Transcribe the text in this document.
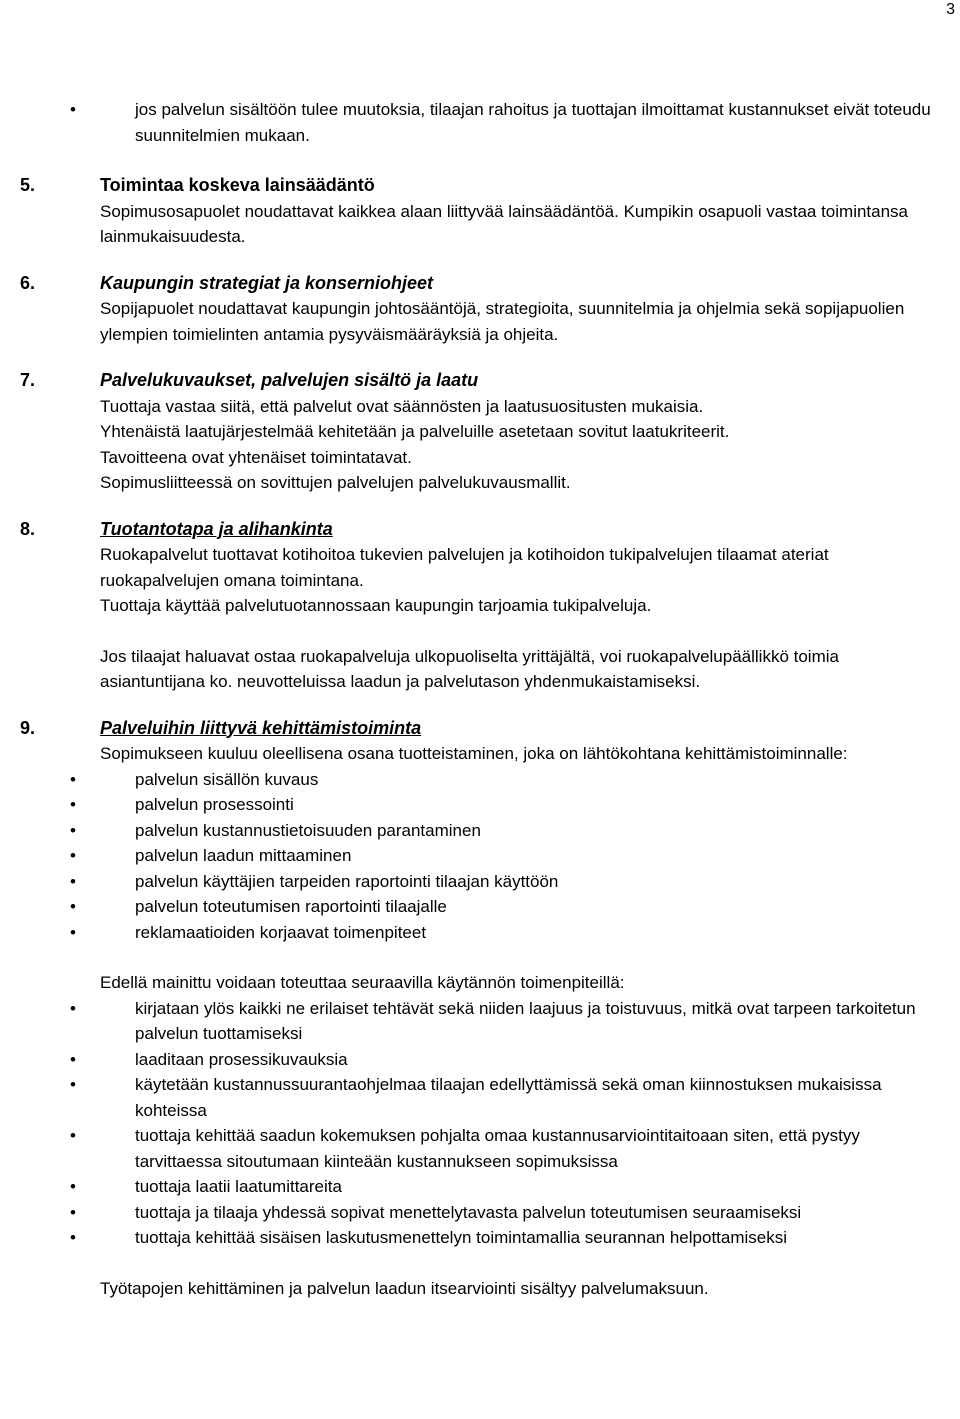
3
• jos palvelun sisältöön tulee muutoksia, tilaajan rahoitus ja tuottajan ilmoittamat kustannukset eivät toteudu suunnitelmien mukaan.
5.	Toimintaa koskeva lainsäädäntö
Sopimusosapuolet noudattavat kaikkea alaan liittyvää lainsäädäntöä. Kumpikin osapuoli vastaa toimintansa lainmukaisuudesta.
6.	Kaupungin strategiat ja konserniohjeet
Sopijapuolet noudattavat kaupungin johtosääntöjä, strategioita, suunnitelmia ja ohjelmia sekä sopijapuolien ylempien toimielinten antamia pysyväismääräyksiä ja ohjeita.
7.	Palvelukuvaukset, palvelujen sisältö ja laatu
Tuottaja vastaa siitä, että palvelut ovat säännösten ja laatusuositusten mukaisia.
Yhtenäistä laatujärjestelmää kehitetään ja palveluille asetetaan sovitut laatukriteerit.
Tavoitteena ovat yhtenäiset toimintatavat.
Sopimusliitteessä on sovittujen palvelujen palvelukuvausmallit.
8.	Tuotantotapa ja alihankinta
Ruokapalvelut tuottavat kotihoitoa tukevien palvelujen ja kotihoidon tukipalvelujen tilaamat ateriat ruokapalvelujen omana toimintana.
Tuottaja käyttää palvelutuotannossaan kaupungin tarjoamia tukipalveluja.
Jos tilaajat haluavat ostaa ruokapalveluja ulkopuoliselta yrittäjältä, voi ruokapalvelupäällikkö toimia asiantuntijana ko. neuvotteluissa laadun ja palvelutason yhdenmukaistamiseksi.
9.	Palveluihin liittyvä kehittämistoiminta
Sopimukseen kuuluu oleellisena osana tuotteistaminen, joka on lähtökohtana kehittämistoiminnalle:
• palvelun sisällön kuvaus
• palvelun prosessointi
• palvelun kustannustietoisuuden parantaminen
• palvelun laadun mittaaminen
• palvelun käyttäjien tarpeiden raportointi tilaajan käyttöön
• palvelun toteutumisen raportointi tilaajalle
• reklamaatioiden korjaavat toimenpiteet
Edellä mainittu voidaan toteuttaa seuraavilla käytännön toimenpiteillä:
• kirjataan ylös kaikki ne erilaiset tehtävät sekä niiden laajuus ja toistuvuus, mitkä ovat tarpeen tarkoitetun palvelun tuottamiseksi
• laaditaan prosessikuvauksia
• käytetään kustannussuurantaohjelmaa tilaajan edellyttämissä sekä oman kiinnostuksen mukaisissa kohteissa
• tuottaja kehittää saadun kokemuksen pohjalta omaa kustannusarviointitaitoaan siten, että pystyy tarvittaessa sitoutumaan kiinteään kustannukseen sopimuksissa
• tuottaja laatii laatumittareita
• tuottaja ja tilaaja yhdessä sopivat menettelytavasta palvelun toteutumisen seuraamiseksi
• tuottaja kehittää sisäisen laskutusmenettelyn toimintamallia seurannan helpottamiseksi
Työtapojen kehittäminen ja palvelun laadun itsearviointi sisältyy palvelumaksuun.
